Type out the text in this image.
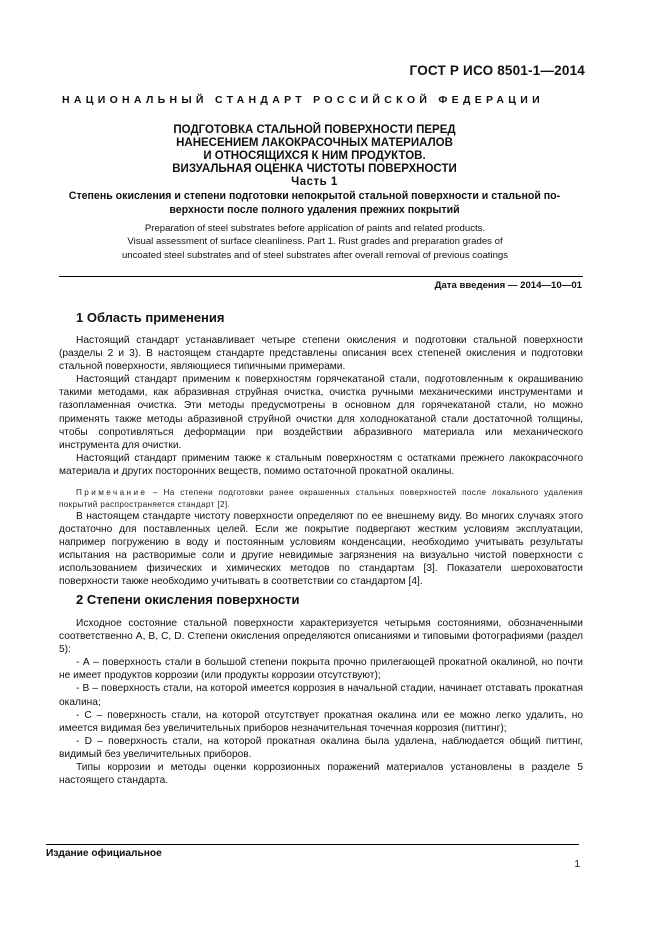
ГОСТ Р ИСО 8501-1—2014
НАЦИОНАЛЬНЫЙ СТАНДАРТ РОССИЙСКОЙ ФЕДЕРАЦИИ
ПОДГОТОВКА СТАЛЬНОЙ ПОВЕРХНОСТИ ПЕРЕД
НАНЕСЕНИЕМ ЛАКОКРАСОЧНЫХ МАТЕРИАЛОВ
И ОТНОСЯЩИХСЯ К НИМ ПРОДУКТОВ.
ВИЗУАЛЬНАЯ ОЦЕНКА ЧИСТОТЫ ПОВЕРХНОСТИ
Часть 1
Степень окисления и степени подготовки непокрытой стальной поверхности и стальной по-
верхности после полного удаления прежних покрытий
Preparation of steel substrates before application of paints and related products.
Visual assessment of surface cleanliness. Part 1. Rust grades and preparation grades of
uncoated steel substrates and of steel substrates after overall removal of previous coatings
Дата введения — 2014—10—01
1 Область применения

Настоящий стандарт устанавливает четыре степени окисления и подготовки стальной поверхности (разделы 2 и 3). В настоящем стандарте представлены описания всех степеней окисления и подготовки стальной поверхности, являющиеся типичными примерами.

Настоящий стандарт применим к поверхностям горячекатаной стали, подготовленным к окрашиванию такими методами, как абразивная струйная очистка, очистка ручными механическими инструментами и газопламенная очистка. Эти методы предусмотрены в основном для горячекатаной стали, но можно применять также методы абразивной струйной очистки для холоднокатаной стали достаточной толщины, чтобы сопротивляться деформации при воздействии абразивного материала или механического инструмента для очистки.

Настоящий стандарт применим также к стальным поверхностям с остатками прежнего лакокрасочного материала и других посторонних веществ, помимо остаточной прокатной окалины.

Примечание – На степени подготовки ранее окрашенных стальных поверхностей после локального удаления покрытий распространяется стандарт [2].

В настоящем стандарте чистоту поверхности определяют по ее внешнему виду. Во многих случаях этого достаточно для поставленных целей. Если же покрытие подвергают жестким условиям эксплуатации, например погружению в воду и постоянным условиям конденсации, необходимо учитывать результаты испытания на растворимые соли и другие невидимые загрязнения на визуально чистой поверхности с использованием физических и химических методов по стандартам [3]. Показатели шероховатости поверхности также необходимо учитывать в соответствии со стандартом [4].

2 Степени окисления поверхности

Исходное состояние стальной поверхности характеризуется четырьмя состояниями, обозначенными соответственно А, В, С, D. Степени окисления определяются описаниями и типовыми фотографиями (раздел 5):

- А – поверхность стали в большой степени покрыта прочно прилегающей прокатной окалиной, но почти не имеет продуктов коррозии (или продукты коррозии отсутствуют);

- В – поверхность стали, на которой имеется коррозия в начальной стадии, начинает отставать прокатная окалина;

- С – поверхность стали, на которой отсутствует прокатная окалина или ее можно легко удалить, но имеется видимая без увеличительных приборов незначительная точечная коррозия (питтинг);

- D – поверхность стали, на которой прокатная окалина была удалена, наблюдается общий питтинг, видимый без увеличительных приборов.

Типы коррозии и методы оценки коррозионных поражений материалов установлены в разделе 5 настоящего стандарта.

Издание официальное
1
